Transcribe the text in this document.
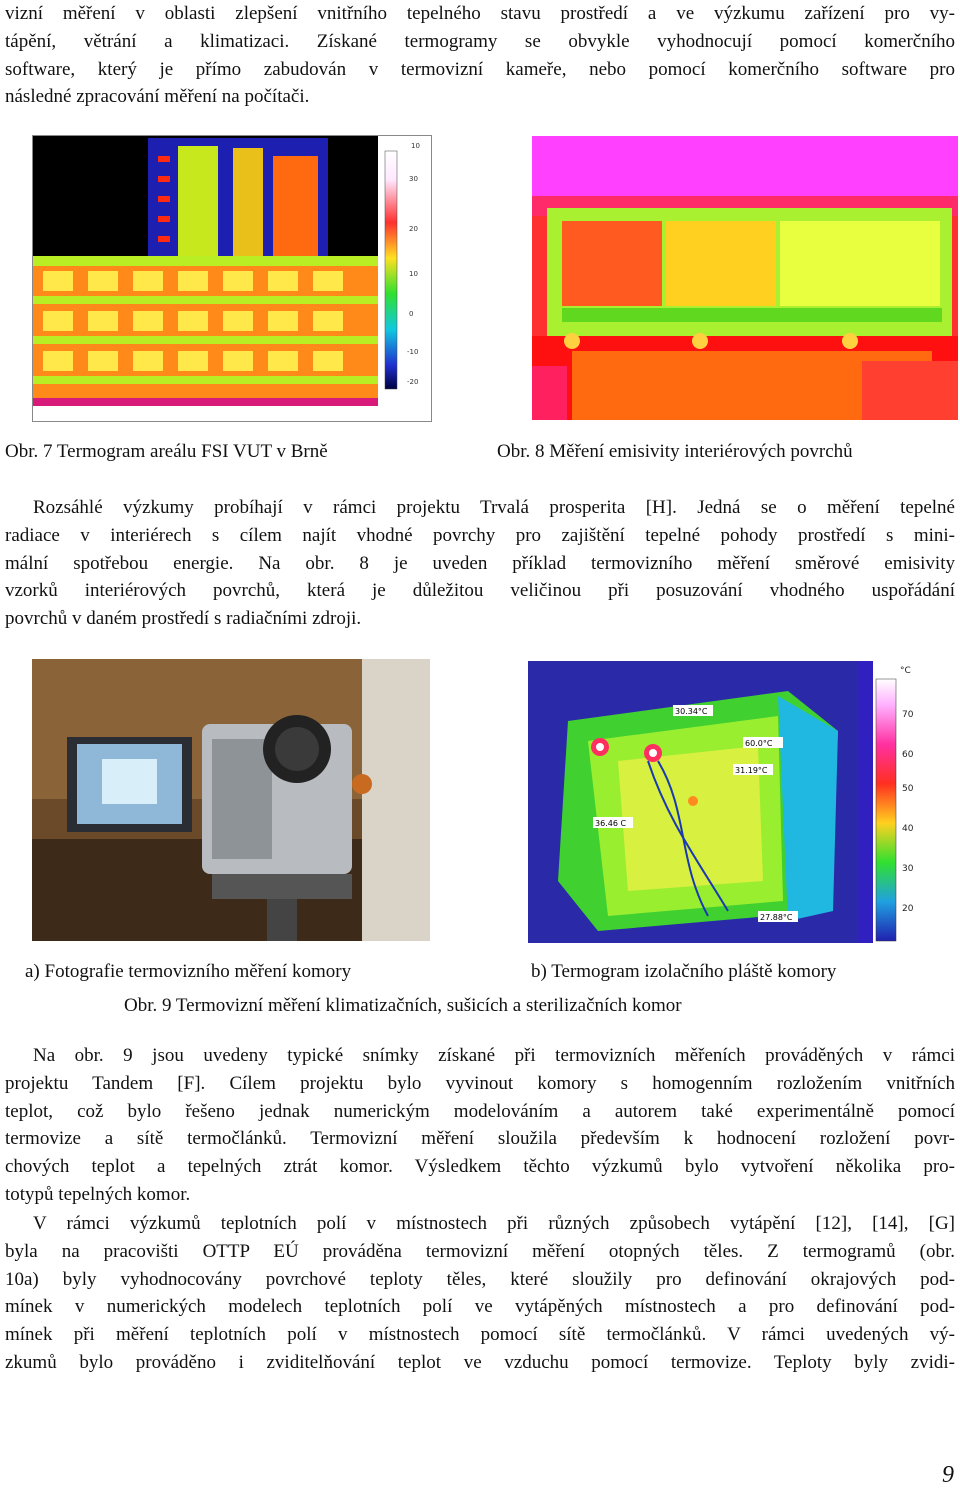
vizní měření v oblasti zlepšení vnitřního tepelného stavu prostředí a ve výzkumu zařízení pro vy-
tápění, větrání a klimatizaci. Získané termogramy se obvykle vyhodnocují pomocí komerčního
software, který je přímo zabudován v termovizní kameře, nebo pomocí komerčního software pro
následné zpracování měření na počítači.
10
30
20
10
0
-10
-20
Obr. 7 Termogram areálu FSI VUT v Brně	Obr. 8 Měření emisivity interiérových povrchů
Rozsáhlé výzkumy probíhají v rámci projektu Trvalá prosperita [H]. Jedná se o měření tepelné
radiace v interiérech s cílem najít vhodné povrchy pro zajištění tepelné pohody prostředí s mini-
mální spotřebou energie. Na obr. 8 je uveden příklad termovizního měření směrové emisivity
vzorků interiérových povrchů, která je důležitou veličinou při posuzování vhodného uspořádání
povrchů v daném prostředí s radiačními zdroji.
30.34°C
60.0°C
31.19°C
36.46 C
27.88°C
°C
70
60
50
40
30
20
a) Fotografie termovizního měření komory	b) Termogram izolačního pláště komory
Obr. 9 Termovizní měření klimatizačních, sušicích a sterilizačních komor
Na obr. 9 jsou uvedeny typické snímky získané při termovizních měřeních prováděných v rámci
projektu Tandem [F]. Cílem projektu bylo vyvinout komory s homogenním rozložením vnitřních
teplot, což bylo řešeno jednak numerickým modelováním a autorem také experimentálně pomocí
termovize a sítě termočlánků. Termovizní měření sloužila především k hodnocení rozložení povr-
chových teplot a tepelných ztrát komor. Výsledkem těchto výzkumů bylo vytvoření několika pro-
totypů tepelných komor.
V rámci výzkumů teplotních polí v místnostech při různých způsobech vytápění [12], [14], [G]
byla na pracovišti OTTP EÚ prováděna termovizní měření otopných těles. Z termogramů (obr.
10a) byly vyhodnocovány povrchové teploty těles, které sloužily pro definování okrajových pod-
mínek v numerických modelech teplotních polí ve vytápěných místnostech a pro definování pod-
mínek při měření teplotních polí v místnostech pomocí sítě termočlánků. V rámci uvedených vý-
zkumů bylo prováděno i zviditelňování teplot ve vzduchu pomocí termovize. Teploty byly zvidi-
9
